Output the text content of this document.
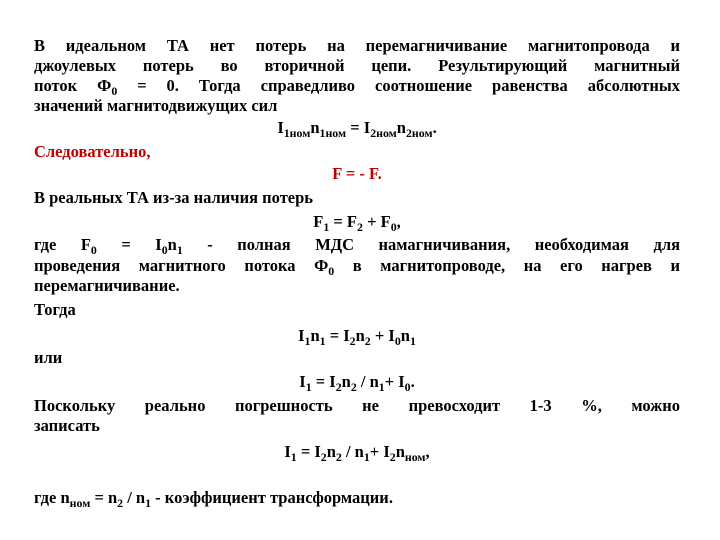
В идеальном ТА нет потерь на перемагничивание магнитопровода и
джоулевых потерь во вторичной цепи. Результирующий магнитный
поток $Ф_0 = 0$. Тогда справедливо соотношение равенства абсолютных
значений магнитодвижущих сил
$I_{1ном}n_{1ном} = I_{2ном}n_{2ном}$.
Следовательно,
F = - F.
В реальных ТА из-за наличия потерь
$F_1 = F_2 + F_0$,
где $F_0 = I_0n_1$ - полная МДС намагничивания, необходимая для
проведения магнитного потока $Ф_0$ в магнитопроводе, на его нагрев и
перемагничивание.
Тогда
$I_1n_1 = I_2n_2 + I_0n_1$
или
$I_1 = I_2n_2 / n_1+ I_0$.
Поскольку реально погрешность не превосходит 1-3 %, можно
записать
$I_1 = I_2n_2 / n_1+ I_2n_{ном}$,
где $n_{ном} = n_2 / n_1$ - коэффициент трансформации.
